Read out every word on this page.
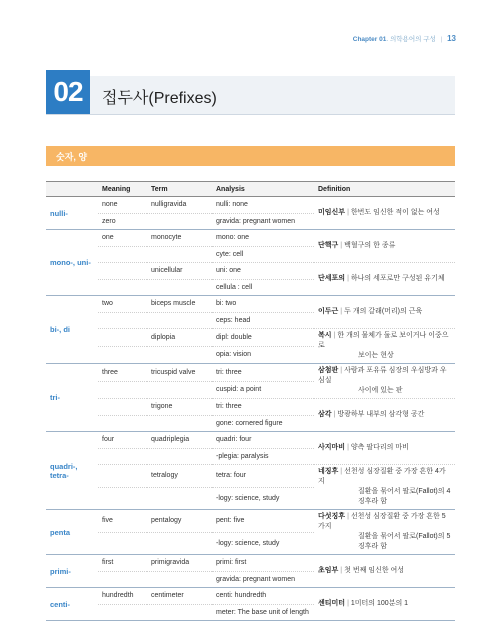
Chapter 01. 의학용어의 구성 | 13
02	접두사(Prefixes)
숫자, 양
	Meaning	Term	Analysis	Definition
nulli-	none	nulligravida	nulli: none	미임신부 | 한번도 임신한 적이 없는 여성
	zero		gravida: pregnant women	
mono-, uni-	one	monocyte	mono: one	단핵구 | 백혈구의 한 종류
			cyte: cell	
		unicellular	uni: one	단세포의 | 하나의 세포로만 구성된 유기체
			cellula : cell	
bi-, di	two	biceps muscle	bi: two	이두근 | 두 개의 갈래(머리)의 근육
			ceps: head	
		diplopia	dipl: double	복시 | 한 개의 물체가 둘로 보이거나 이중으로
보이는 현상

			opia: vision	
tri-	three	tricuspid valve	tri: three	삼첨판 | 사람과 포유류 심장의 우심방과 우심실
사이에 있는 판

			cuspid: a point	
		trigone	tri: three	삼각 | 방광하부 내부의 삼각형 공간
			gone: cornered figure	
quadri-, tetra-	four	quadriplegia	quadri: four	사지마비 | 양측 팔다리의 마비
			-plegia: paralysis	
		tetralogy	tetra: four	네징후 | 선천성 심장질환 중 가장 흔한 4가지
질환을 묶어서 팔로(Fallot)의 4징후라 함

			-logy: science, study	
penta	five	pentalogy	pent: five	다섯징후 | 선천성 심장질환 중 가장 흔한 5가지
질환을 묶어서 팔로(Fallot)의 5징후라 함

			-logy: science, study	
primi-	first	primigravida	primi: first	초임부 | 첫 번째 임신한 여성
			gravida: pregnant women	
centi-	hundredth	centimeter	centi: hundredth	센티미터 | 1미터의 100분의 1
			meter: The base unit of length	
